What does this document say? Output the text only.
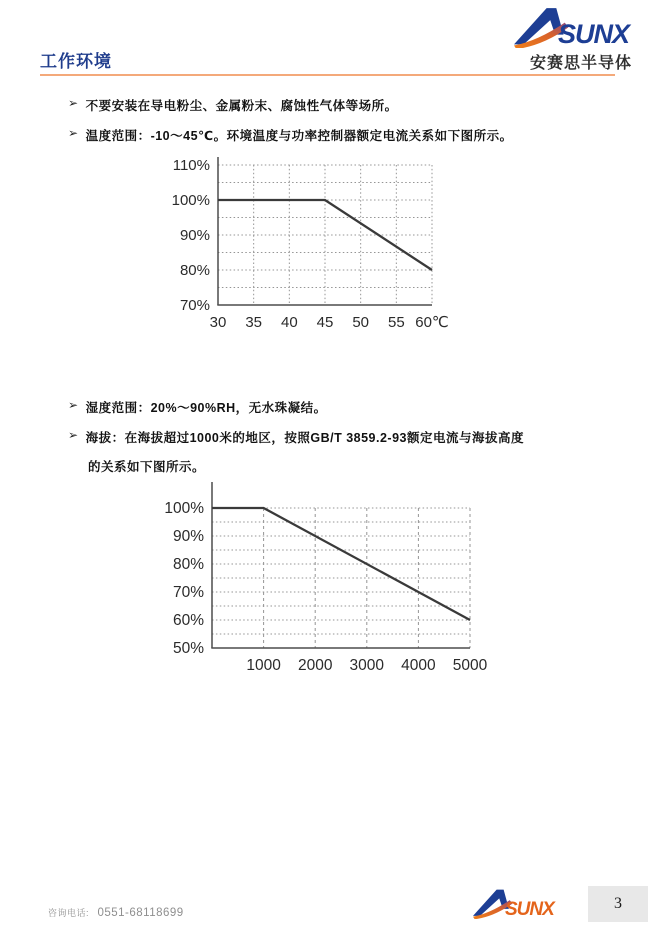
工作环境
SUNX
安赛思半导体
➢ 不要安装在导电粉尘、金属粉末、腐蚀性气体等场所。
➢ 温度范围：-10～45℃。环境温度与功率控制器额定电流关系如下图所示。
110%
100%
90%
80%
70%
30 35 40 45 50 55 60℃
➢ 湿度范围：20%～90%RH，无水珠凝结。
➢ 海拔：在海拔超过1000米的地区，按照GB/T 3859.2-93额定电流与海拔高度
的关系如下图所示。
100%
90%
80%
70%
60%
50%
1000 2000 3000 4000 5000
咨询电话: 0551-68118699	SUNX	3
